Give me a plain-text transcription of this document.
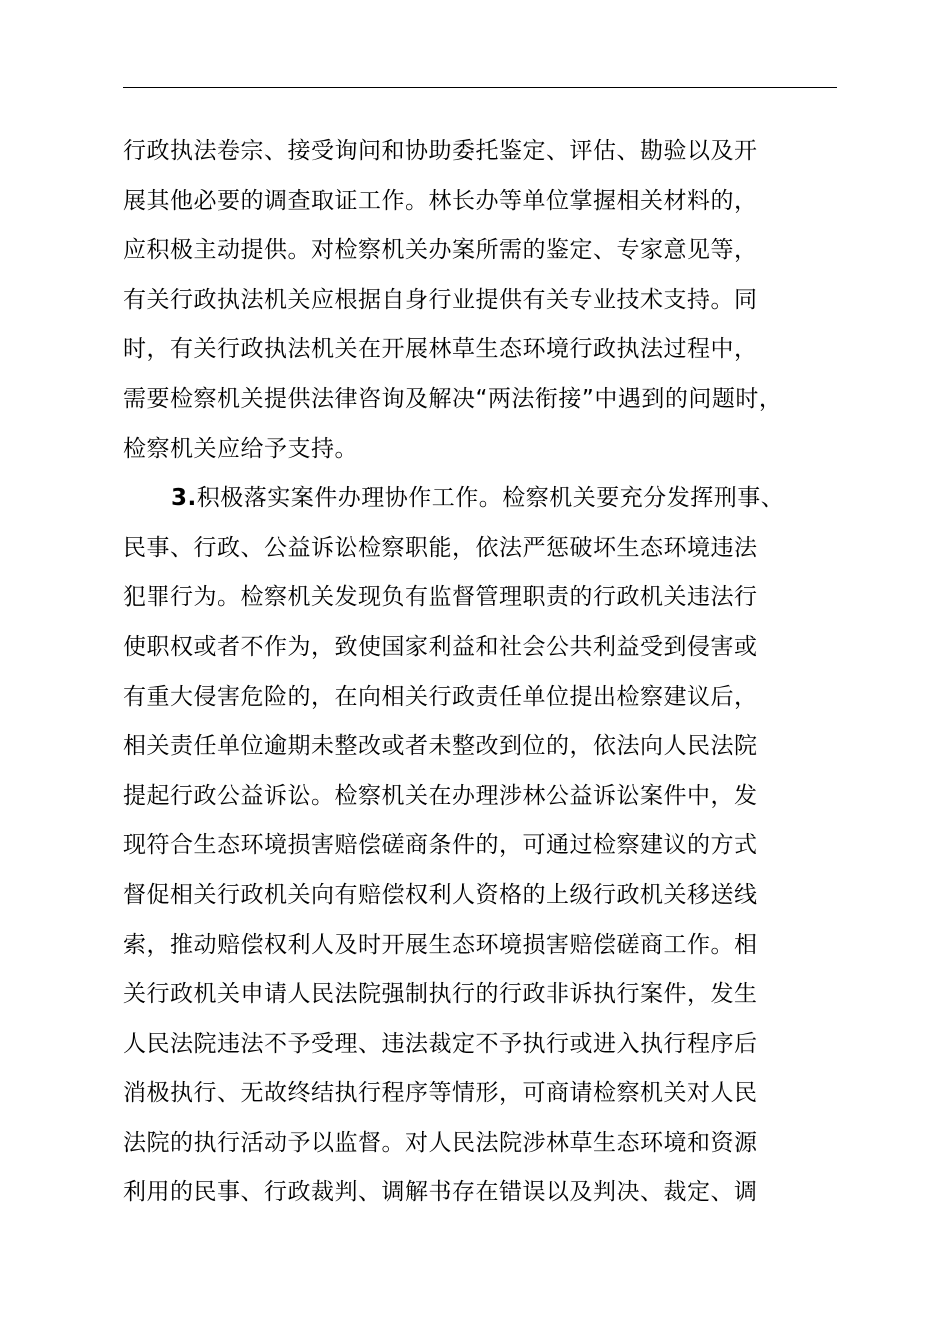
行政执法卷宗、接受询问和协助委托鉴定、评估、勘验以及开
展其他必要的调查取证工作。林长办等单位掌握相关材料的，
应积极主动提供。对检察机关办案所需的鉴定、专家意见等，
有关行政执法机关应根据自身行业提供有关专业技术支持。同
时，有关行政执法机关在开展林草生态环境行政执法过程中，
需要检察机关提供法律咨询及解决“两法衔接”中遇到的问题时，
检察机关应给予支持。
3.积极落实案件办理协作工作。检察机关要充分发挥刑事、
民事、行政、公益诉讼检察职能，依法严惩破坏生态环境违法
犯罪行为。检察机关发现负有监督管理职责的行政机关违法行
使职权或者不作为，致使国家利益和社会公共利益受到侵害或
有重大侵害危险的，在向相关行政责任单位提出检察建议后，
相关责任单位逾期未整改或者未整改到位的，依法向人民法院
提起行政公益诉讼。检察机关在办理涉林公益诉讼案件中，发
现符合生态环境损害赔偿磋商条件的，可通过检察建议的方式
督促相关行政机关向有赔偿权利人资格的上级行政机关移送线
索，推动赔偿权利人及时开展生态环境损害赔偿磋商工作。相
关行政机关申请人民法院强制执行的行政非诉执行案件，发生
人民法院违法不予受理、违法裁定不予执行或进入执行程序后
消极执行、无故终结执行程序等情形，可商请检察机关对人民
法院的执行活动予以监督。对人民法院涉林草生态环境和资源
利用的民事、行政裁判、调解书存在错误以及判决、裁定、调
